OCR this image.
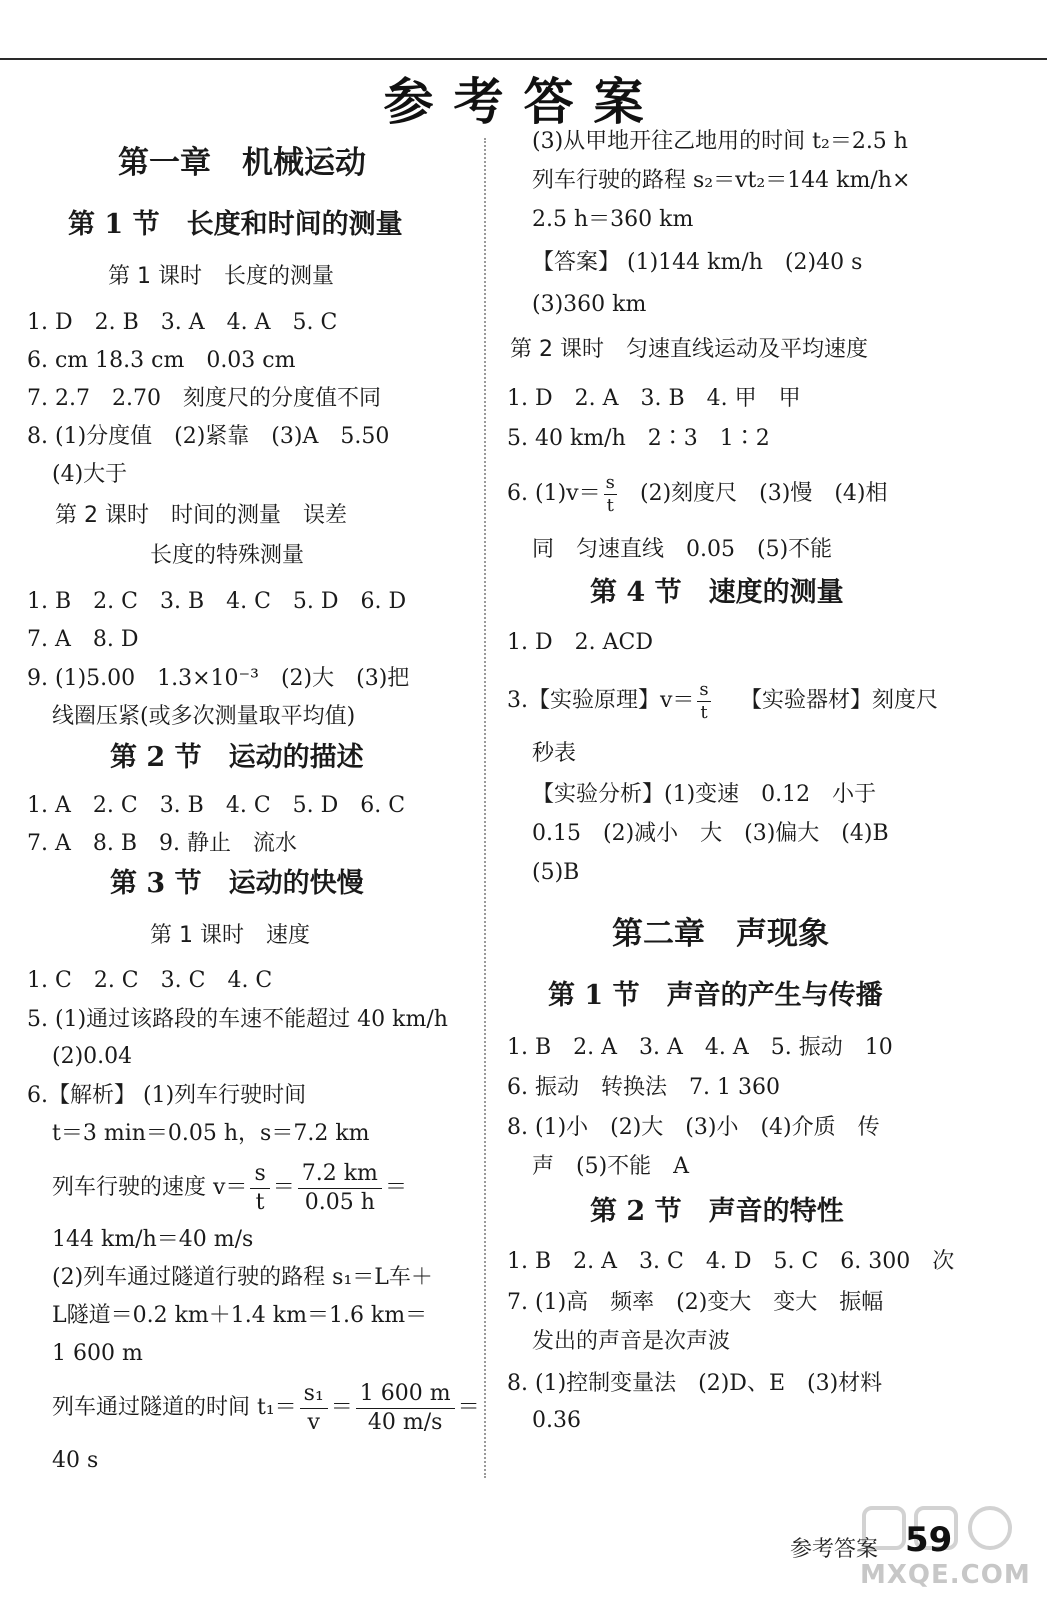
参考答案
第一章　机械运动
第 1 节　长度和时间的测量
第 1 课时　长度的测量
1. D　2. B　3. A　4. A　5. C
6. cm 18.3 cm　0.03 cm
7. 2.7　2.70　刻度尺的分度值不同
8. (1)分度值　(2)紧靠　(3)A　5.50
(4)大于
第 2 课时　时间的测量　误差
长度的特殊测量
1. B　2. C　3. B　4. C　5. D　6. D
7. A　8. D
9. (1)5.00　1.3×10⁻³　(2)大　(3)把
线圈压紧(或多次测量取平均值)
第 2 节　运动的描述
1. A　2. C　3. B　4. C　5. D　6. C
7. A　8. B　9. 静止　流水
第 3 节　运动的快慢
第 1 课时　速度
1. C　2. C　3. C　4. C
5. (1)通过该路段的车速不能超过 40 km/h
(2)0.04
6.【解析】 (1)列车行驶时间
t＝3 min＝0.05 h，s＝7.2 km
列车行驶的速度 $v= \frac{s}{t} = \frac{7.2 km}{0.05 h}$ ＝
144 km/h＝40 m/s
(2)列车通过隧道行驶的路程 s₁＝L车＋
L隧道＝0.2 km＋1.4 km＝1.6 km＝
1 600 m
列车通过隧道的时间 $t_1= \frac{\text{s₁}}{v} = \frac{1 600 m}{40 m/s}$ ＝
40 s
(3)从甲地开往乙地用的时间 t₂＝2.5 h
列车行驶的路程 s₂＝vt₂＝144 km/h×
2.5 h＝360 km
【答案】 (1)144 km/h　(2)40 s
(3)360 km
第 2 课时　匀速直线运动及平均速度
1. D　2. A　3. B　4. 甲　甲
5. 40 km/h　2∶3　1∶2
6. $(1)v= \frac{s}{t} (2)$刻度尺　(3)慢　(4)相
同　匀速直线　0.05　(5)不能
第 4 节　速度的测量
1. D　2. ACD
3.【实验原理】$v= \frac{s}{t}$ 【实验器材】刻度尺
秒表
【实验分析】(1)变速　0.12　小于
0.15　(2)减小　大　(3)偏大　(4)B
(5)B
第二章　声现象
第 1 节　声音的产生与传播
1. B　2. A　3. A　4. A　5. 振动　10
6. 振动　转换法　7. 1 360
8. (1)小　(2)大　(3)小　(4)介质　传
声　(5)不能　A
第 2 节　声音的特性
1. B　2. A　3. C　4. D　5. C　6. 300　次
7. (1)高　频率　(2)变大　变大　振幅
发出的声音是次声波
8. (1)控制变量法　(2)D、E　(3)材料
0.36
参考答案 59
MXQE.COM
